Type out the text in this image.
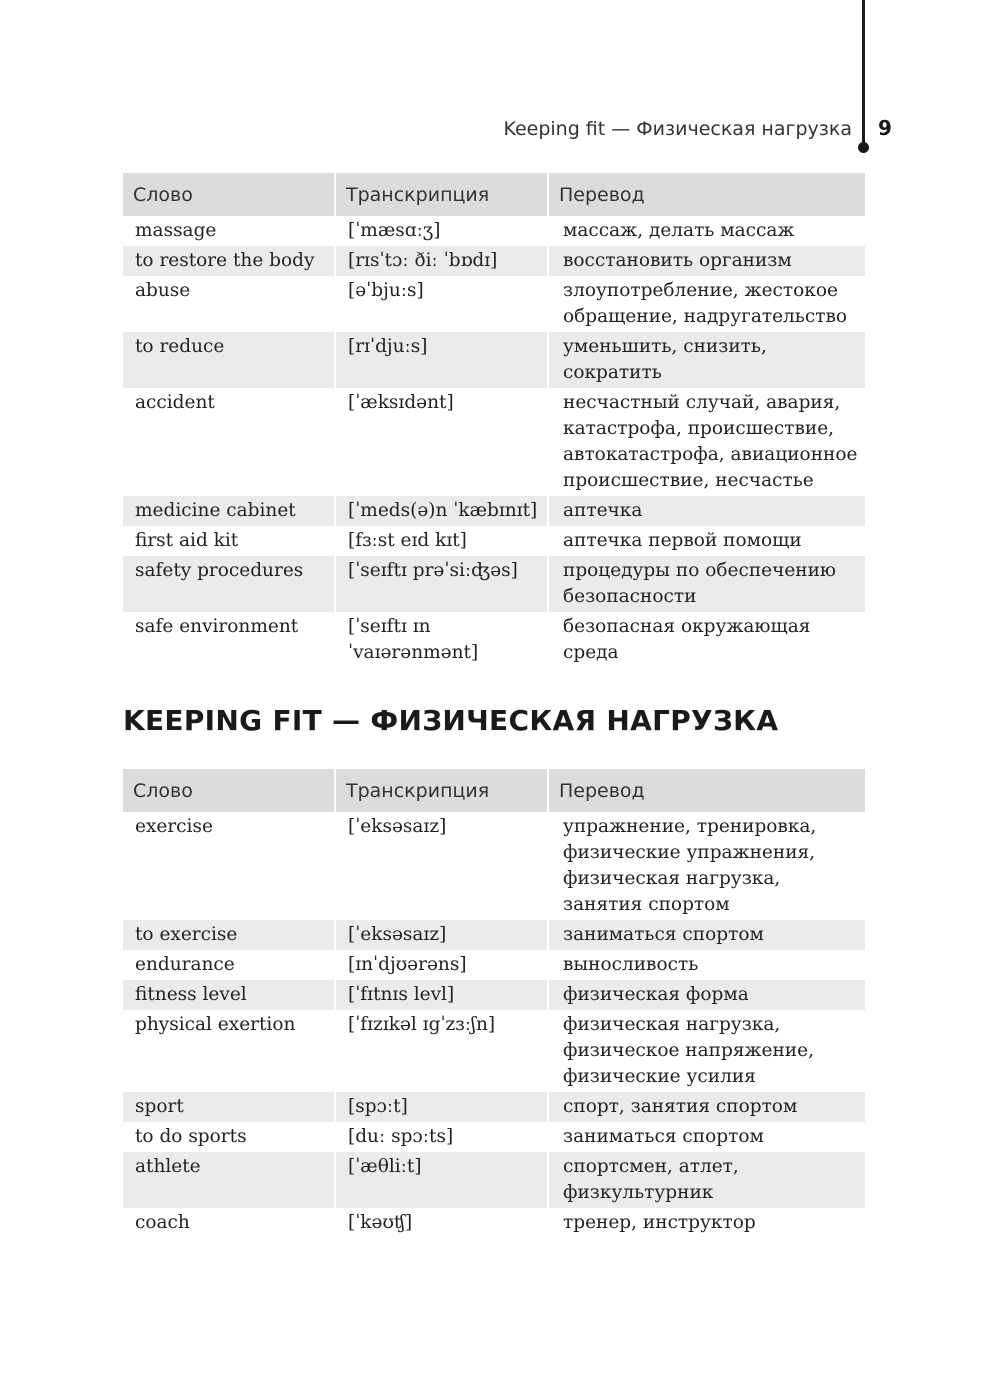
Keeping fit — Физическая нагрузка 9
Слово	Транскрипция	Перевод
massage	[ˈmæsɑːʒ]	массаж, делать массаж
to restore the body	[rɪsˈtɔː ðiː ˈbɒdɪ]	восстановить организм
abuse	[əˈbjuːs]	злоупотребление, жестокое обращение, надругательство
to reduce	[rɪˈdjuːs]	уменьшить, снизить, сократить
accident	[ˈæksɪdənt]	несчастный случай, авария, катастрофа, происшествие, автокатастрофа, авиационное происшествие, несчастье
medicine cabinet	[ˈmeds(ə)n ˈkæbɪnɪt]	аптечка
first aid kit	[fɜːst eɪd kɪt]	аптечка первой помощи
safety procedures	[ˈseɪftɪ prəˈsiːʤəs]	процедуры по обеспечению безопасности
safe environment	[ˈseɪftɪ ɪnˈvaɪərənmənt]	безопасная окружающая среда
KEEPING FIT — ФИЗИЧЕСКАЯ НАГРУЗКА
Слово	Транскрипция	Перевод
exercise	[ˈeksəsaɪz]	упражнение, тренировка, физические упражнения, физическая нагрузка, занятия спортом
to exercise	[ˈeksəsaɪz]	заниматься спортом
endurance	[ɪnˈdjʊərəns]	выносливость
fitness level	[ˈfɪtnɪs levl]	физическая форма
physical exertion	[ˈfɪzɪkəl ɪgˈzɜːʃn]	физическая нагрузка, физическое напряжение, физические усилия
sport	[spɔːt]	спорт, занятия спортом
to do sports	[duː spɔːts]	заниматься спортом
athlete	[ˈæθliːt]	спортсмен, атлет, физкультурник
coach	[ˈkəʊʧ]	тренер, инструктор
